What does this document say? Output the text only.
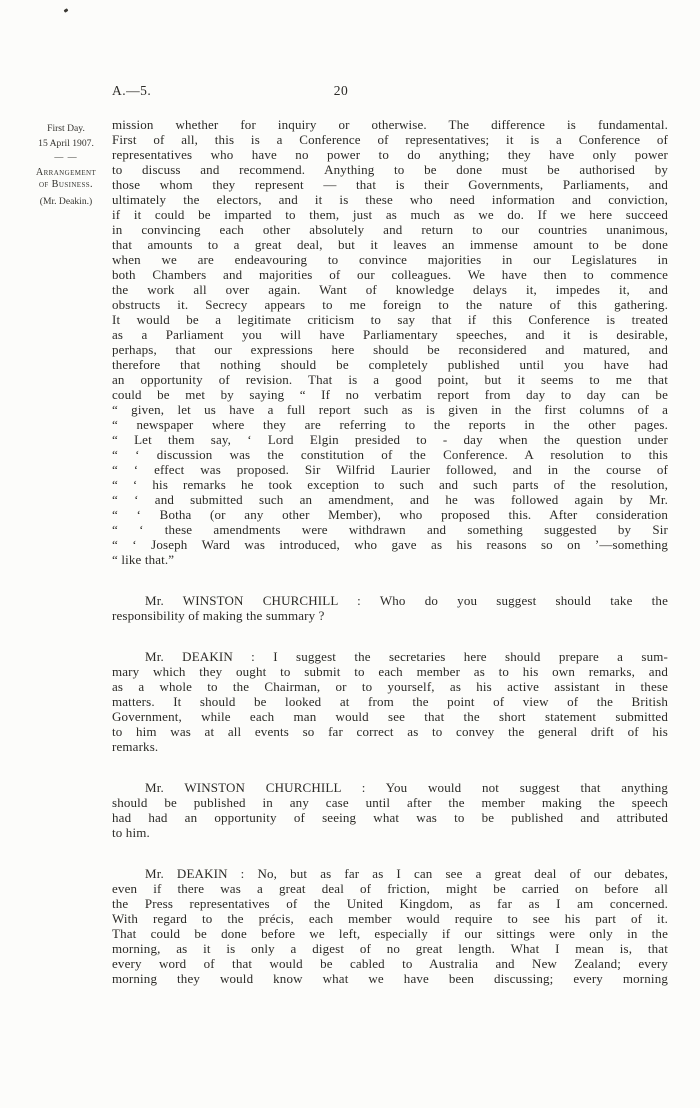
A.—5.	20
First Day.
15 April 1907.
— —
Arrangement
of Business.
(Mr. Deakin.)
mission whether for inquiry or otherwise. The difference is fundamental.
First of all, this is a Conference of representatives; it is a Conference of
representatives who have no power to do anything; they have only power
to discuss and recommend. Anything to be done must be authorised by
those whom they represent — that is their Governments, Parliaments, and
ultimately the electors, and it is these who need information and conviction,
if it could be imparted to them, just as much as we do. If we here succeed
in convincing each other absolutely and return to our countries unanimous,
that amounts to a great deal, but it leaves an immense amount to be done
when we are endeavouring to convince majorities in our Legislatures in
both Chambers and majorities of our colleagues. We have then to commence
the work all over again. Want of knowledge delays it, impedes it, and
obstructs it. Secrecy appears to me foreign to the nature of this gathering.
It would be a legitimate criticism to say that if this Conference is treated
as a Parliament you will have Parliamentary speeches, and it is desirable,
perhaps, that our expressions here should be reconsidered and matured, and
therefore that nothing should be completely published until you have had
an opportunity of revision. That is a good point, but it seems to me that
could be met by saying “ If no verbatim report from day to day can be
“ given, let us have a full report such as is given in the first columns of a
“ newspaper where they are referring to the reports in the other pages.
“ Let them say, ‘ Lord Elgin presided to - day when the question under
“ ‘ discussion was the constitution of the Conference. A resolution to this
“ ‘ effect was proposed. Sir Wilfrid Laurier followed, and in the course of
“ ‘ his remarks he took exception to such and such parts of the resolution,
“ ‘ and submitted such an amendment, and he was followed again by Mr.
“ ‘ Botha (or any other Member), who proposed this. After consideration
“ ‘ these amendments were withdrawn and something suggested by Sir
“ ‘ Joseph Ward was introduced, who gave as his reasons so on ’—something
“ like that.”
Mr. WINSTON CHURCHILL : Who do you suggest should take the
responsibility of making the summary ?
Mr. DEAKIN : I suggest the secretaries here should prepare a sum-
mary which they ought to submit to each member as to his own remarks, and
as a whole to the Chairman, or to yourself, as his active assistant in these
matters. It should be looked at from the point of view of the British
Government, while each man would see that the short statement submitted
to him was at all events so far correct as to convey the general drift of his
remarks.
Mr. WINSTON CHURCHILL : You would not suggest that anything
should be published in any case until after the member making the speech
had had an opportunity of seeing what was to be published and attributed
to him.
Mr. DEAKIN : No, but as far as I can see a great deal of our debates,
even if there was a great deal of friction, might be carried on before all
the Press representatives of the United Kingdom, as far as I am concerned.
With regard to the précis, each member would require to see his part of it.
That could be done before we left, especially if our sittings were only in the
morning, as it is only a digest of no great length. What I mean is, that
every word of that would be cabled to Australia and New Zealand; every
morning they would know what we have been discussing; every morning
